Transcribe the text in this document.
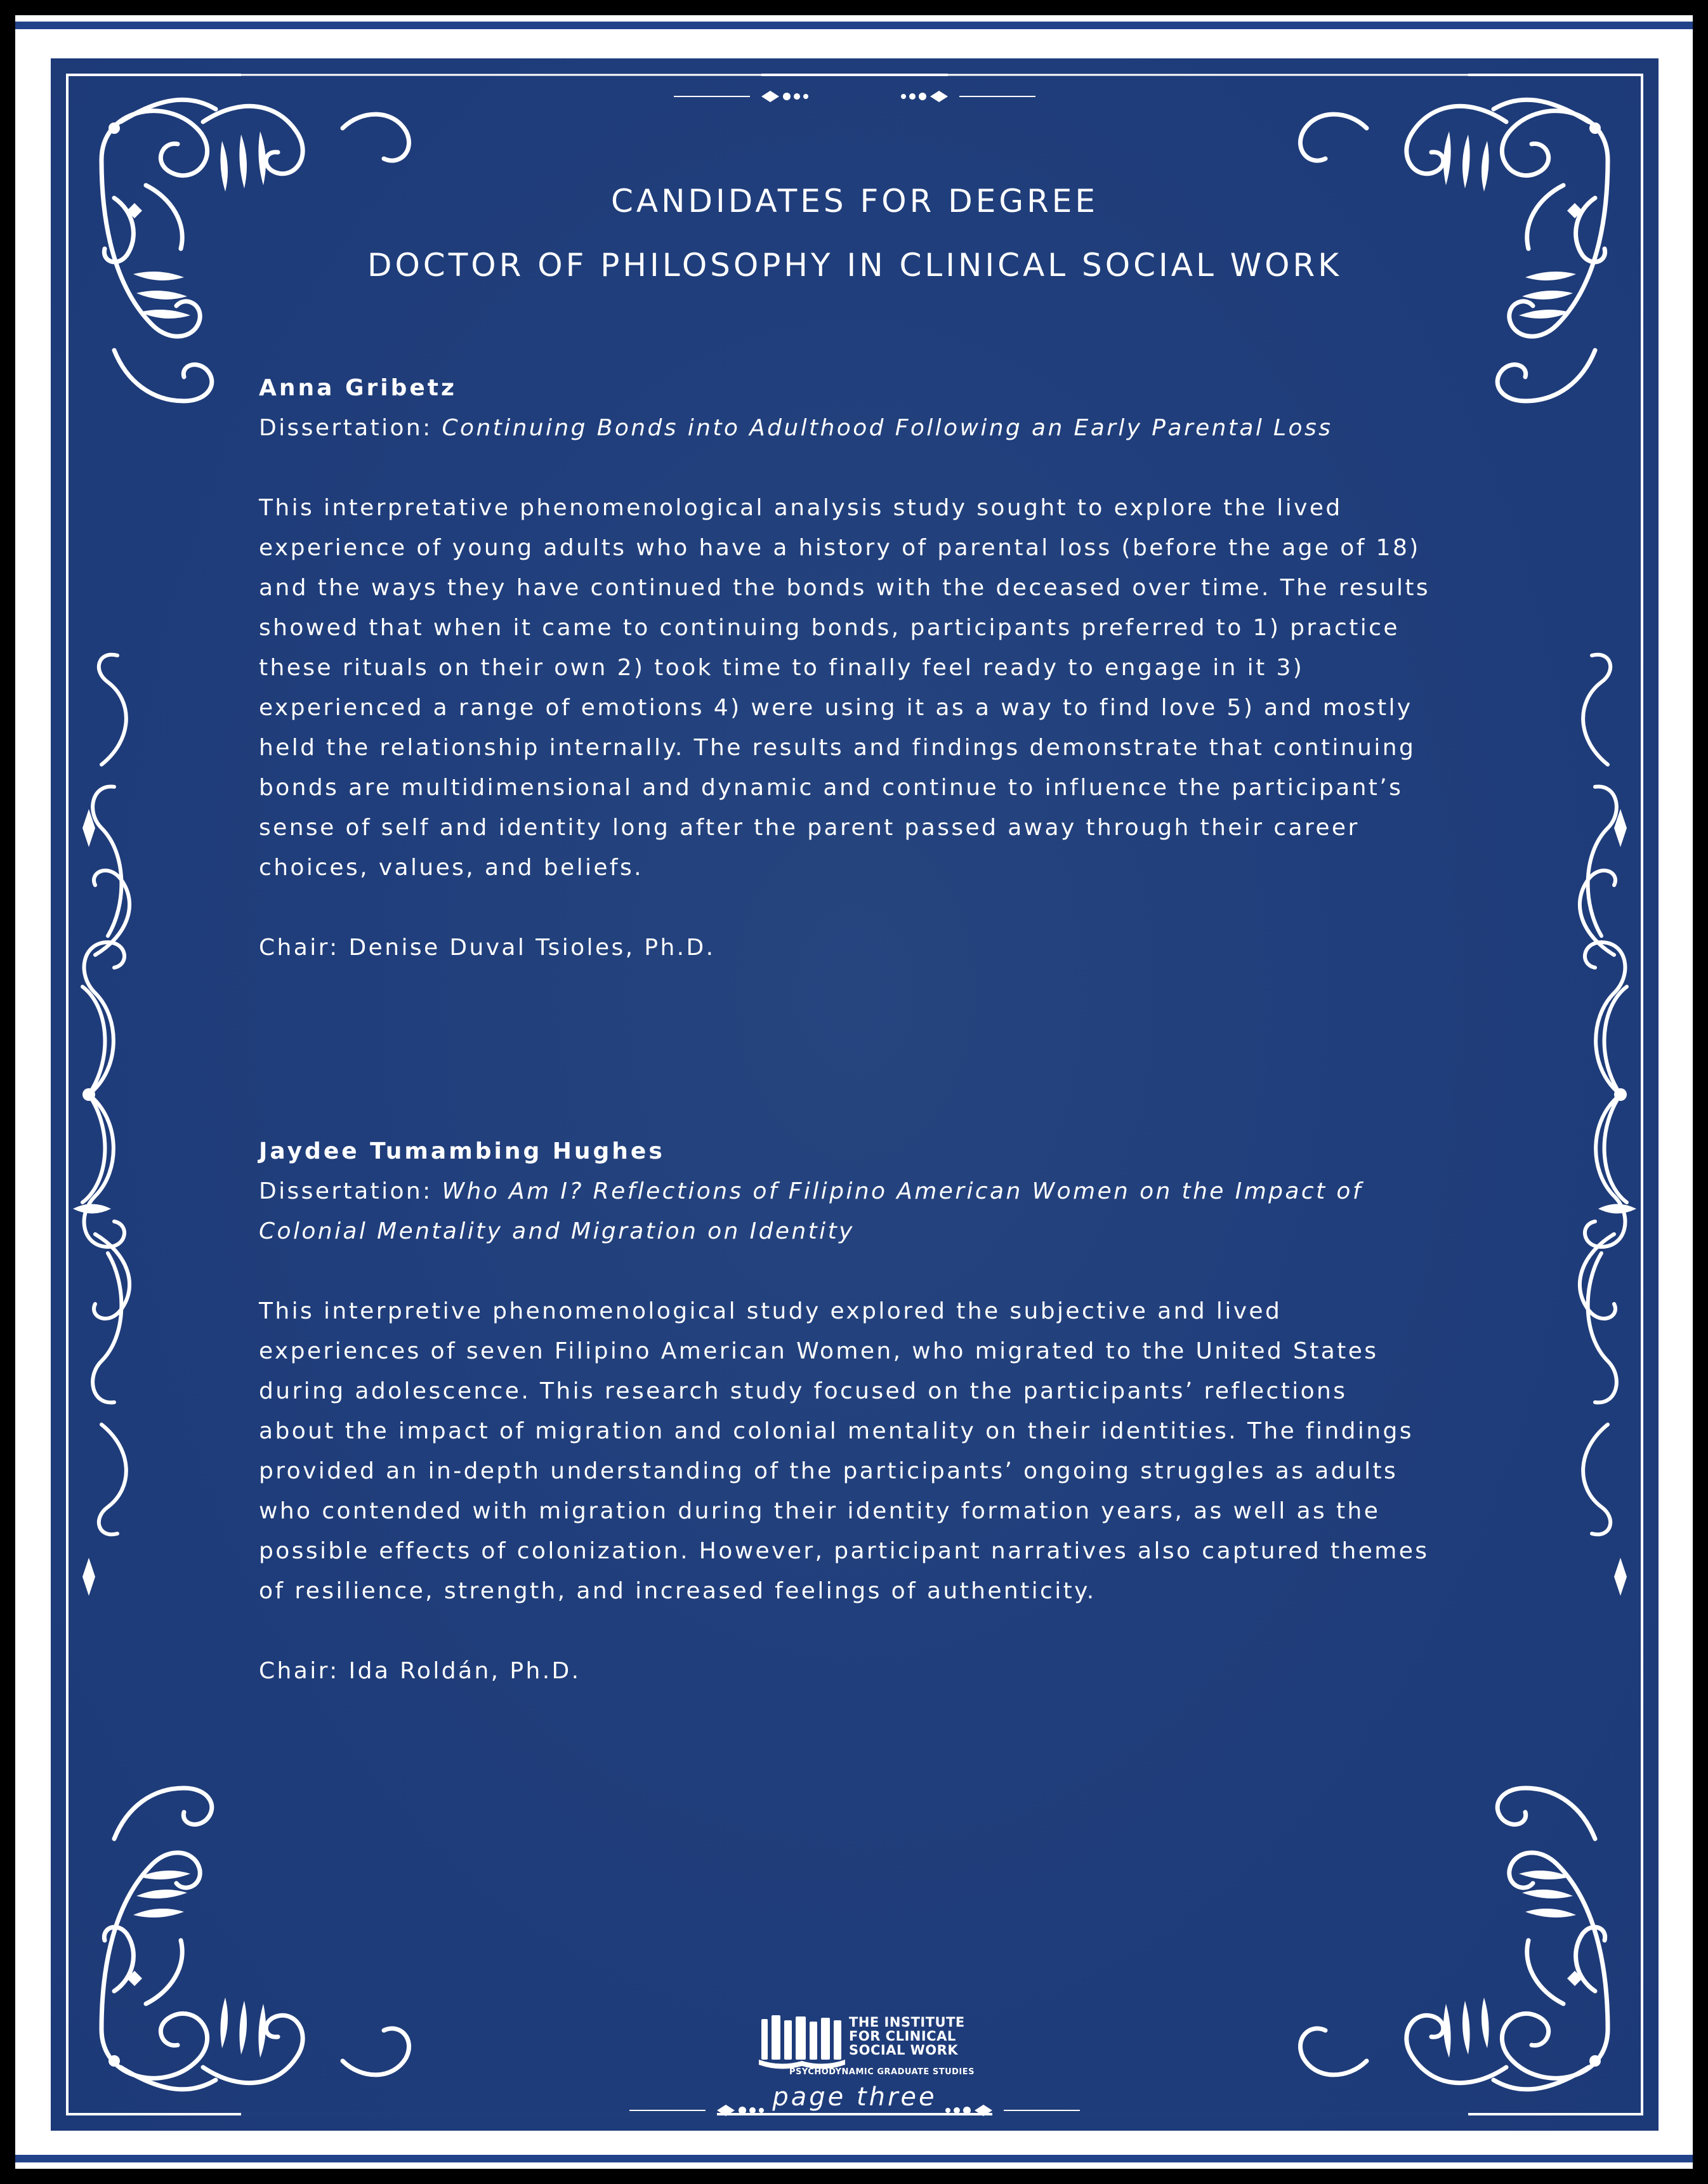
CANDIDATES FOR DEGREE
DOCTOR OF PHILOSOPHY IN CLINICAL SOCIAL WORK
Anna Gribetz
Dissertation: Continuing Bonds into Adulthood Following an Early Parental Loss
This interpretative phenomenological analysis study sought to explore the lived
experience of young adults who have a history of parental loss (before the age of 18)
and the ways they have continued the bonds with the deceased over time. The results
showed that when it came to continuing bonds, participants preferred to 1) practice
these rituals on their own 2) took time to finally feel ready to engage in it 3)
experienced a range of emotions 4) were using it as a way to find love 5) and mostly
held the relationship internally. The results and findings demonstrate that continuing
bonds are multidimensional and dynamic and continue to influence the participant’s
sense of self and identity long after the parent passed away through their career
choices, values, and beliefs.
Chair: Denise Duval Tsioles, Ph.D.
Jaydee Tumambing Hughes
Dissertation: Who Am I? Reflections of Filipino American Women on the Impact of
Colonial Mentality and Migration on Identity
This interpretive phenomenological study explored the subjective and lived
experiences of seven Filipino American Women, who migrated to the United States
during adolescence. This research study focused on the participants’ reflections
about the impact of migration and colonial mentality on their identities. The findings
provided an in-depth understanding of the participants’ ongoing struggles as adults
who contended with migration during their identity formation years, as well as the
possible effects of colonization. However, participant narratives also captured themes
of resilience, strength, and increased feelings of authenticity.
Chair: Ida Roldán, Ph.D.
THE INSTITUTE
FOR CLINICAL
SOCIAL WORK
PSYCHODYNAMIC GRADUATE STUDIES
page three
